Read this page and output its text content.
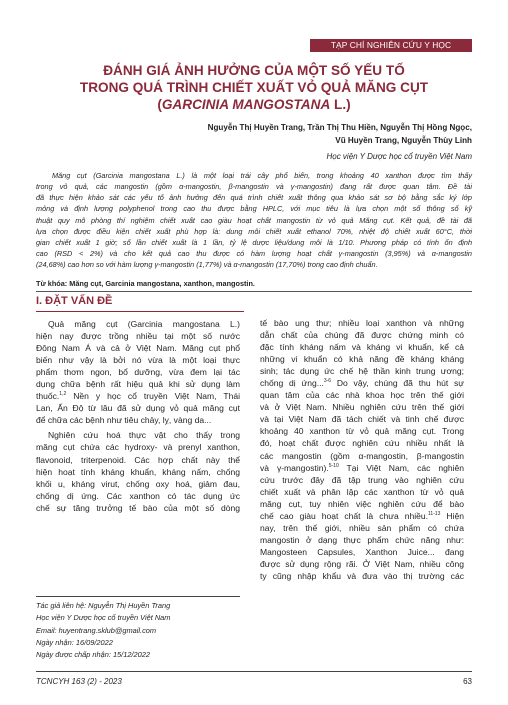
TẠP CHÍ NGHIÊN CỨU Y HỌC
ĐÁNH GIÁ ẢNH HƯỞNG CỦA MỘT SỐ YẾU TỐ
TRONG QUÁ TRÌNH CHIẾT XUẤT VỎ QUẢ MĂNG CỤT
(GARCINIA MANGOSTANA L.)
Nguyễn Thị Huyền Trang, Trần Thị Thu Hiền, Nguyễn Thị Hồng Ngọc,
Vũ Huyền Trang, Nguyễn Thùy Linh
Học viện Y Dược học cổ truyền Việt Nam
Măng cụt (Garcinia mangostana L.) là một loại trái cây phổ biến, trong khoảng 40 xanthon được tìm thấy
trong vỏ quả, các mangostin (gồm α-mangostin, β-mangostin và γ-mangostin) đang rất được quan tâm. Đề tài
đã thực hiện khảo sát các yếu tố ảnh hưởng đến quá trình chiết xuất thông qua khảo sát sơ bộ bằng sắc ký lớp
mỏng và định lượng polyphenol trong cao thu được bằng HPLC, với mục tiêu là lựa chọn một số thông số kỹ
thuật quy mô phòng thí nghiệm chiết xuất cao giàu hoạt chất mangostin từ vỏ quả Măng cụt. Kết quả, đề tài đã
lựa chọn được điều kiện chiết xuất phù hợp là: dung môi chiết xuất ethanol 70%, nhiệt độ chiết xuất 60°C, thời
gian chiết xuất 1 giờ; số lần chiết xuất là 1 lần, tỷ lệ dược liệu/dung môi là 1/10. Phương pháp có tính ổn định
cao (RSD < 2%) và cho kết quả cao thu được có hàm lượng hoạt chất γ-mangostin (3,95%) và α-mangostin
(24,68%) cao hơn so với hàm lượng γ-mangostin (1,77%) và α-mangostin (17,70%) trong cao định chuẩn.
Từ khóa: Măng cụt, Garcinia mangostana, xanthon, mangostin.
I. ĐẶT VẤN ĐỀ
Quả măng cụt (Garcinia mangostana L.)
hiện nay được trồng nhiều tại một số nước
Đông Nam Á và cả ở Việt Nam. Măng cụt phổ
biến như vậy là bởi nó vừa là một loại thực
phẩm thơm ngon, bổ dưỡng, vừa đem lại tác
dụng chữa bệnh rất hiệu quả khi sử dụng làm
thuốc.$^{1,2}$ Nền y học cổ truyền Việt Nam, Thái
Lan, Ấn Độ từ lâu đã sử dụng vỏ quả măng cụt
để chữa các bệnh như tiêu chảy, lỵ, vàng da...
Nghiên cứu hoá thực vật cho thấy trong
măng cụt chứa các hydroxy- và prenyl xanthon,
flavonoid, triterpenoid. Các hợp chất này thể
hiện hoạt tính kháng khuẩn, kháng nấm, chống
khối u, kháng virut, chống oxy hoá, giảm đau,
chống dị ứng. Các xanthon có tác dụng ức
chế sự tăng trưởng tế bào của một số dòng
Tác giả liên hệ: Nguyễn Thị Huyền Trang
Học viện Y Dược học cổ truyền Việt Nam
Email: huyentrang.sklub@gmail.com
Ngày nhận: 16/09/2022
Ngày được chấp nhận: 15/12/2022
tế bào ung thư; nhiều loại xanthon và những
dẫn chất của chúng đã được chứng minh có
đặc tính kháng nấm và kháng vi khuẩn, kể cả
những vi khuẩn có khả năng đề kháng kháng
sinh; tác dụng ức chế hệ thần kinh trung ương;
chống dị ứng...$^{3-6}$ Do vậy, chúng đã thu hút sự
quan tâm của các nhà khoa học trên thế giới
và ở Việt Nam. Nhiều nghiên cứu trên thế giới
và tại Việt Nam đã tách chiết và tinh chế được
khoảng 40 xanthon từ vỏ quả măng cụt. Trong
đó, hoạt chất được nghiên cứu nhiều nhất là
các mangostin (gồm α-mangostin, β-mangostin
và γ-mangostin).$^{5-10}$ Tại Việt Nam, các nghiên
cứu trước đây đã tập trung vào nghiên cứu
chiết xuất và phân lập các xanthon từ vỏ quả
măng cụt, tuy nhiên việc nghiên cứu để bào
chế cao giàu hoạt chất là chưa nhiều.$^{11-13}$ Hiện
nay, trên thế giới, nhiều sản phẩm có chứa
mangostin ở dạng thực phẩm chức năng như:
Mangosteen Capsules, Xanthon Juice... đang
được sử dụng rộng rãi. Ở Việt Nam, nhiều công
ty cũng nhập khẩu và đưa vào thị trường các
TCNCYH 163 (2) - 2023	63
